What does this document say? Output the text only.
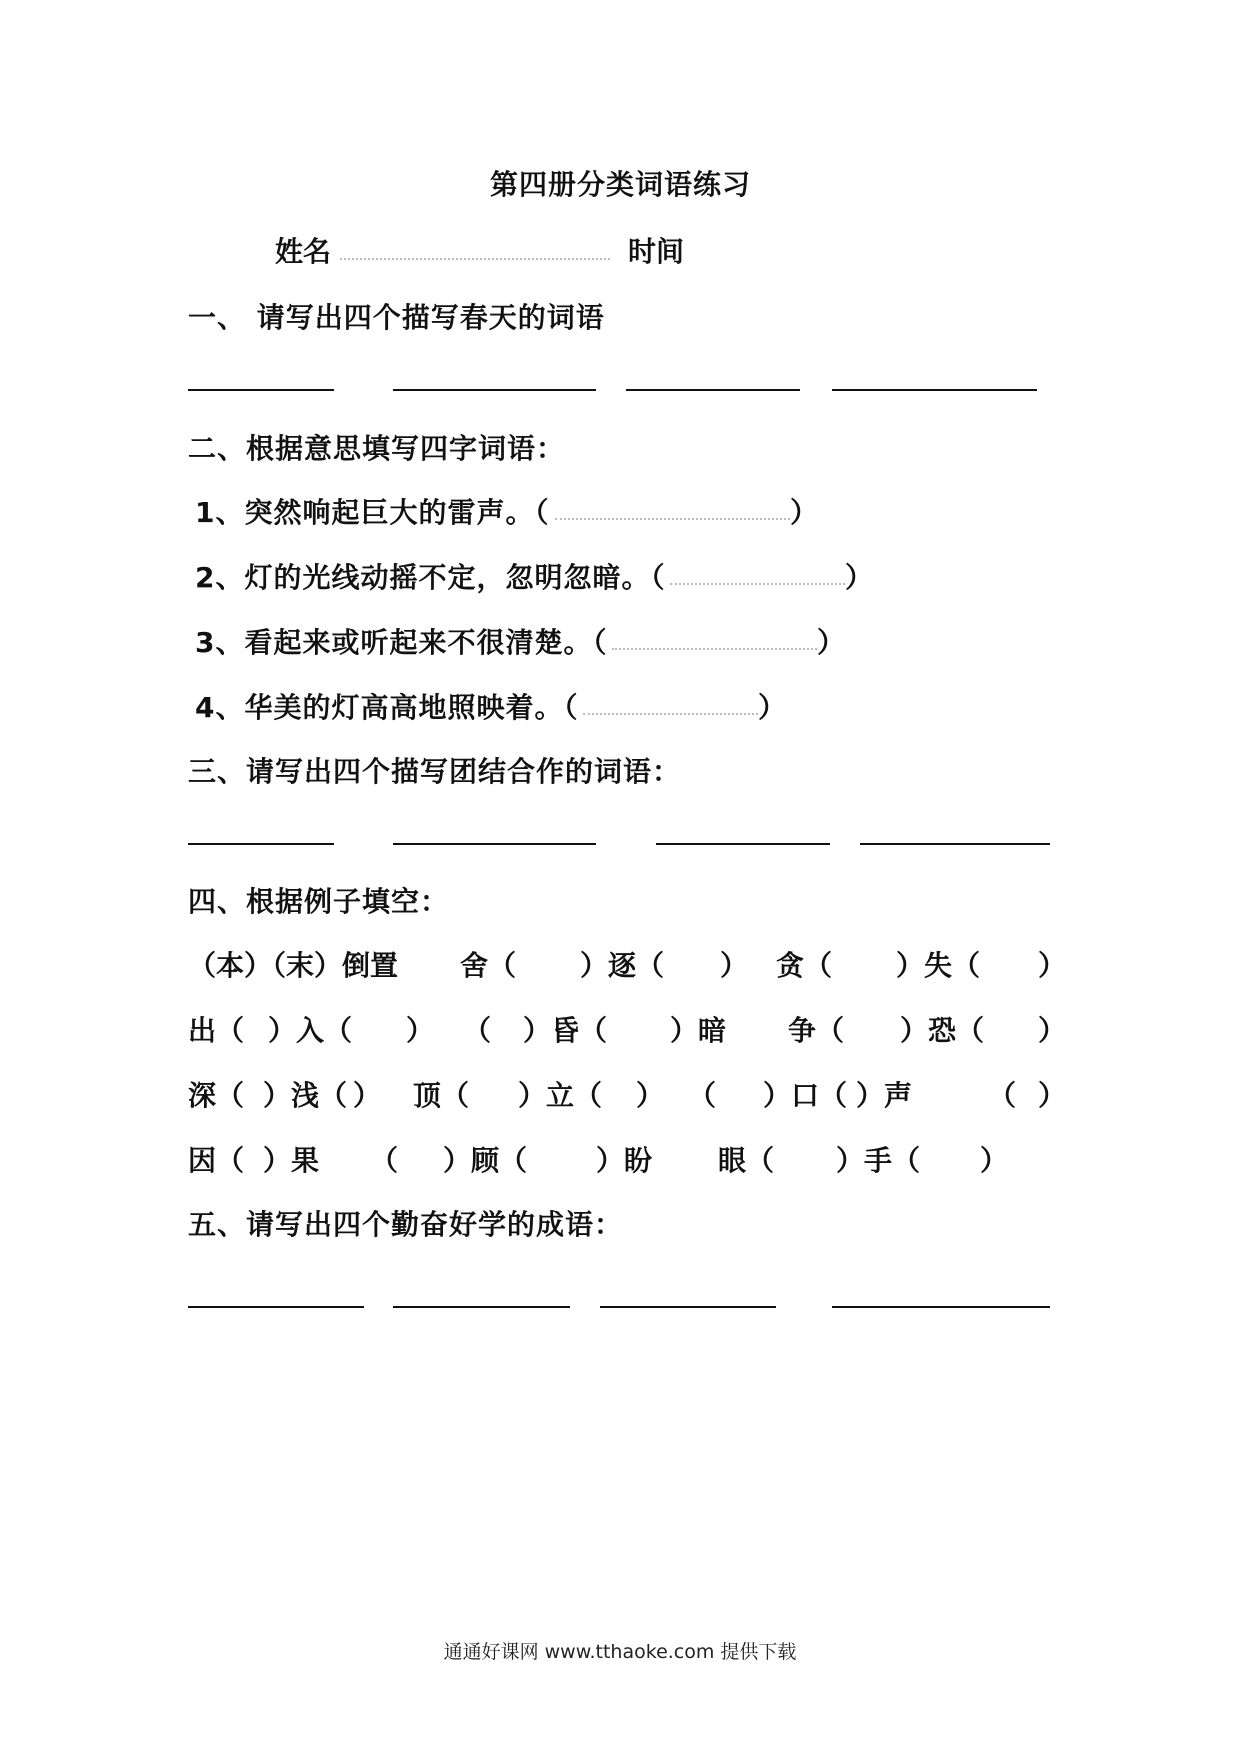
第四册分类词语练习
姓名	时间
一、 请写出四个描写春天的词语
二、根据意思填写四字词语：
1、突然响起巨大的雷声。（	）
2、灯的光线动摇不定，忽明忽暗。（	）
3、看起来或听起来不很清楚。（	）
4、华美的灯高高地照映着。（	）
三、请写出四个描写团结合作的词语：
四、根据例子填空：
（本）（末）倒置 舍（ ）逐（ ） 贪（ ）失（ ）
出（ ）入（ ） （ ）昏（ ）暗 争（ ）恐（ ）
深（ ）浅（ ） 顶（ ）立（ ） （ ）口（ ）声	（ ）
因（ ）果 （ ）顾（ ）盼 眼（ ）手（ ）
五、请写出四个勤奋好学的成语：
通通好课网 www.tthaoke.com 提供下载
